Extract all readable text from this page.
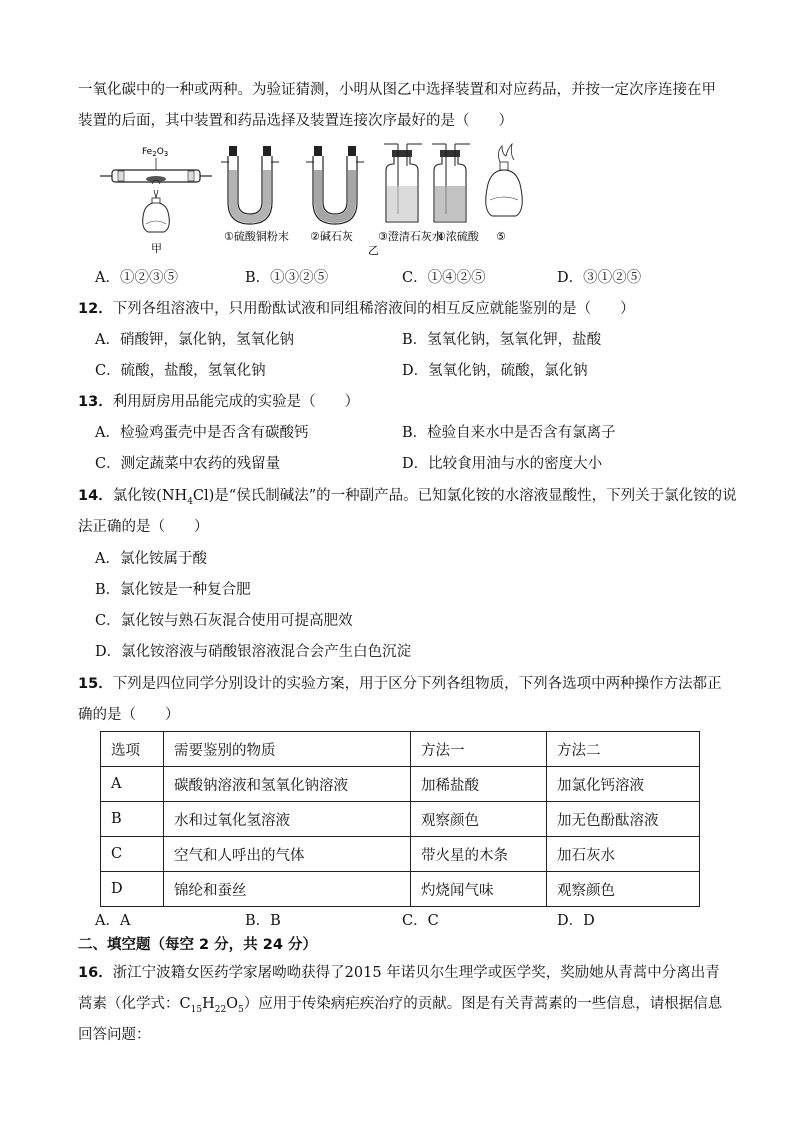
一氧化碳中的一种或两种。为验证猜测，小明从图乙中选择装置和对应药品，并按一定次序连接在甲
装置的后面，其中装置和药品选择及装置连接次序最好的是（　　）
$Fe_2O_3$
甲
①硫酸铜粉末 ②碱石灰 ③澄清石灰水
④浓硫酸 ⑤
乙
A．①②③⑤	B．①③②⑤	C．①④②⑤	D．③①②⑤
12．下列各组溶液中，只用酚酞试液和同组稀溶液间的相互反应就能鉴别的是（　　）
A．硝酸钾，氯化钠，氢氧化钠	B．氢氧化钠，氢氧化钾，盐酸
C．硫酸，盐酸，氢氧化钠	D．氢氧化钠，硫酸，氯化钠
13．利用厨房用品能完成的实验是（　　）
A．检验鸡蛋壳中是否含有碳酸钙	B．检验自来水中是否含有氯离子
C．测定蔬菜中农药的残留量	D．比较食用油与水的密度大小
14．氯化铵$(NH_4Cl)$是“侯氏制碱法”的一种副产品。已知氯化铵的水溶液显酸性，下列关于氯化铵的说
法正确的是（　　）
A．氯化铵属于酸
B．氯化铵是一种复合肥
C．氯化铵与熟石灰混合使用可提高肥效
D．氯化铵溶液与硝酸银溶液混合会产生白色沉淀
15．下列是四位同学分别设计的实验方案，用于区分下列各组物质，下列各选项中两种操作方法都正
确的是（　　）
选项	需要鉴别的物质	方法一	方法二
A	碳酸钠溶液和氢氧化钠溶液	加稀盐酸	加氯化钙溶液
B	水和过氧化氢溶液	观察颜色	加无色酚酞溶液
C	空气和人呼出的气体	带火星的木条	加石灰水
D	锦纶和蚕丝	灼烧闻气味	观察颜色
A．A	B．B	C．C	D．D
二、填空题（每空 2 分，共 24 分）
16．浙江宁波籍女医药学家屠呦呦获得了2015 年诺贝尔生理学或医学奖，奖励她从青蒿中分离出青
蒿素（化学式：$C_{15}H_{22}O_5$）应用于传染病疟疾治疗的贡献。图是有关青蒿素的一些信息，请根据信息
回答问题：
